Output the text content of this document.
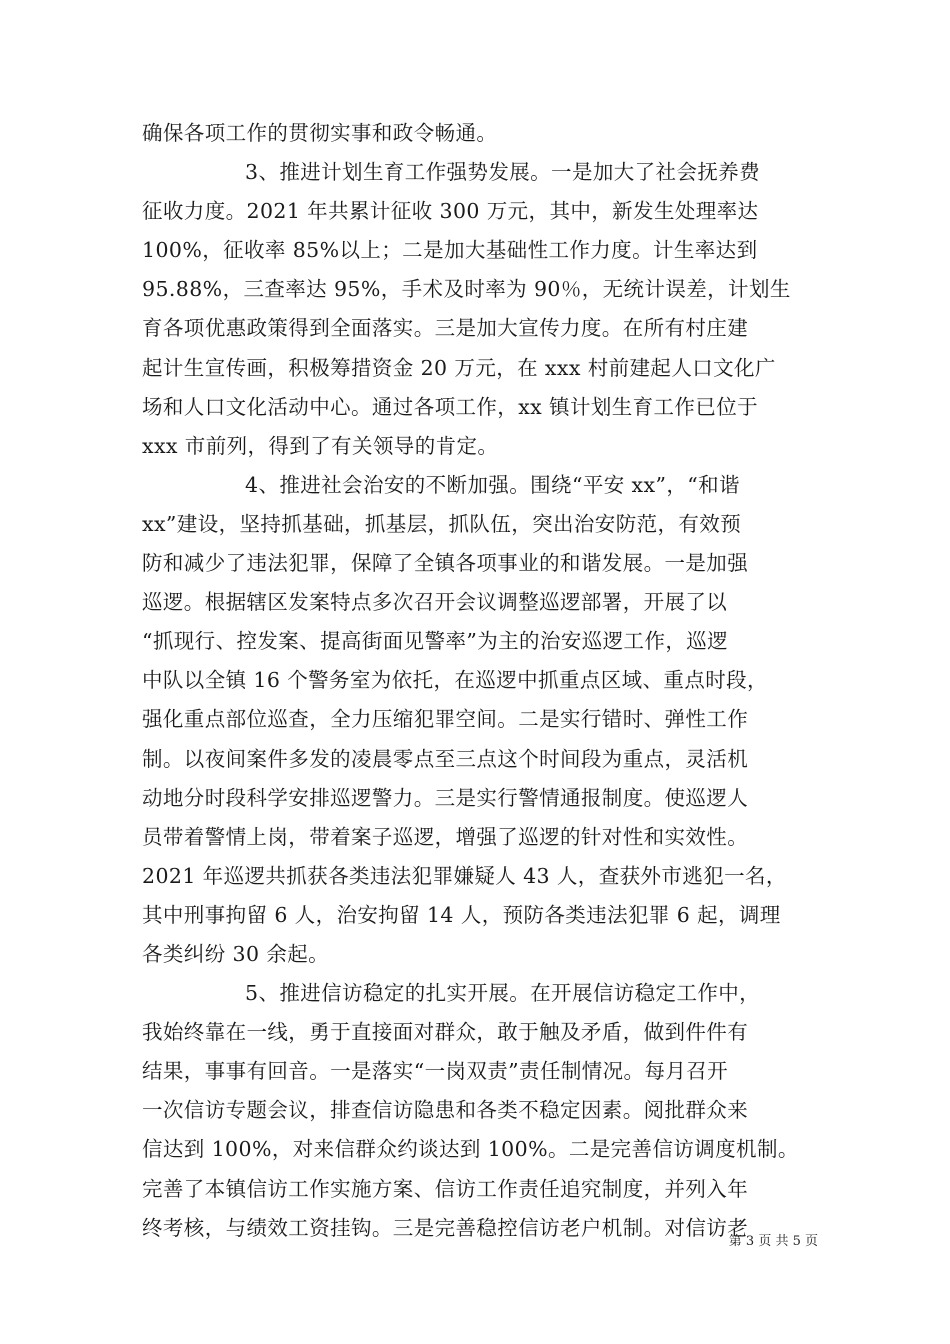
确保各项工作的贯彻实事和政令畅通。
3、推进计划生育工作强势发展。一是加大了社会抚养费
征收力度。2021 年共累计征收 300 万元，其中，新发生处理率达
100%，征收率 85%以上；二是加大基础性工作力度。计生率达到
95.88%，三查率达 95%，手术及时率为 90％，无统计误差，计划生
育各项优惠政策得到全面落实。三是加大宣传力度。在所有村庄建
起计生宣传画，积极筹措资金 20 万元，在 xxx 村前建起人口文化广
场和人口文化活动中心。通过各项工作，xx 镇计划生育工作已位于
xxx 市前列，得到了有关领导的肯定。
4、推进社会治安的不断加强。围绕“平安 xx”，“和谐
xx”建设，坚持抓基础，抓基层，抓队伍，突出治安防范，有效预
防和减少了违法犯罪，保障了全镇各项事业的和谐发展。一是加强
巡逻。根据辖区发案特点多次召开会议调整巡逻部署，开展了以
“抓现行、控发案、提高街面见警率”为主的治安巡逻工作，巡逻
中队以全镇 16 个警务室为依托，在巡逻中抓重点区域、重点时段，
强化重点部位巡查，全力压缩犯罪空间。二是实行错时、弹性工作
制。以夜间案件多发的凌晨零点至三点这个时间段为重点，灵活机
动地分时段科学安排巡逻警力。三是实行警情通报制度。使巡逻人
员带着警情上岗，带着案子巡逻，增强了巡逻的针对性和实效性。
2021 年巡逻共抓获各类违法犯罪嫌疑人 43 人，查获外市逃犯一名，
其中刑事拘留 6 人，治安拘留 14 人，预防各类违法犯罪 6 起，调理
各类纠纷 30 余起。
5、推进信访稳定的扎实开展。在开展信访稳定工作中，
我始终靠在一线，勇于直接面对群众，敢于触及矛盾，做到件件有
结果，事事有回音。一是落实“一岗双责”责任制情况。每月召开
一次信访专题会议，排查信访隐患和各类不稳定因素。阅批群众来
信达到 100%，对来信群众约谈达到 100%。二是完善信访调度机制。
完善了本镇信访工作实施方案、信访工作责任追究制度，并列入年
终考核，与绩效工资挂钩。三是完善稳控信访老户机制。对信访老
第 3 页 共 5 页
